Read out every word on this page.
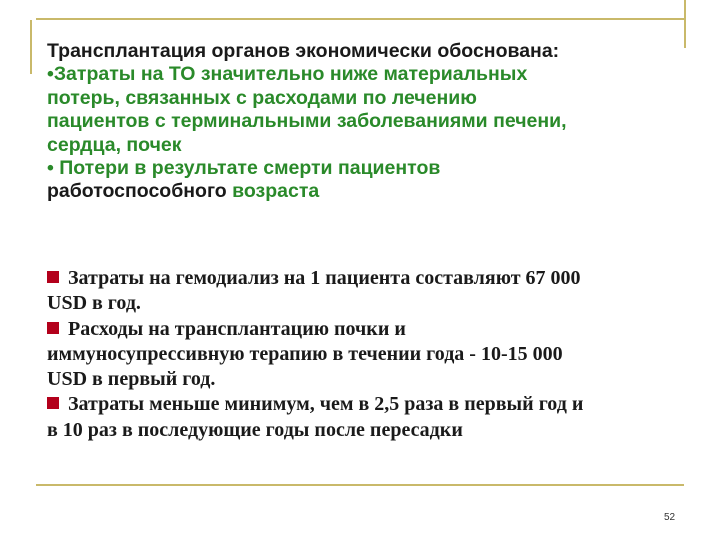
Трансплантация органов экономически обоснована:
•Затраты на ТО значительно ниже материальных
потерь, связанных с расходами по лечению
пациентов с терминальными заболеваниями печени,
сердца, почек
• Потери в результате смерти пациентов
работоспособного возраста
Затраты на гемодиализ на 1 пациента составляют 67 000
USD в год.
Расходы на трансплантацию почки и
иммуносупрессивную терапию в течении года - 10-15 000
USD в первый год.
Затраты меньше минимум, чем в 2,5 раза в первый год и
в 10 раз в последующие годы после пересадки
52
